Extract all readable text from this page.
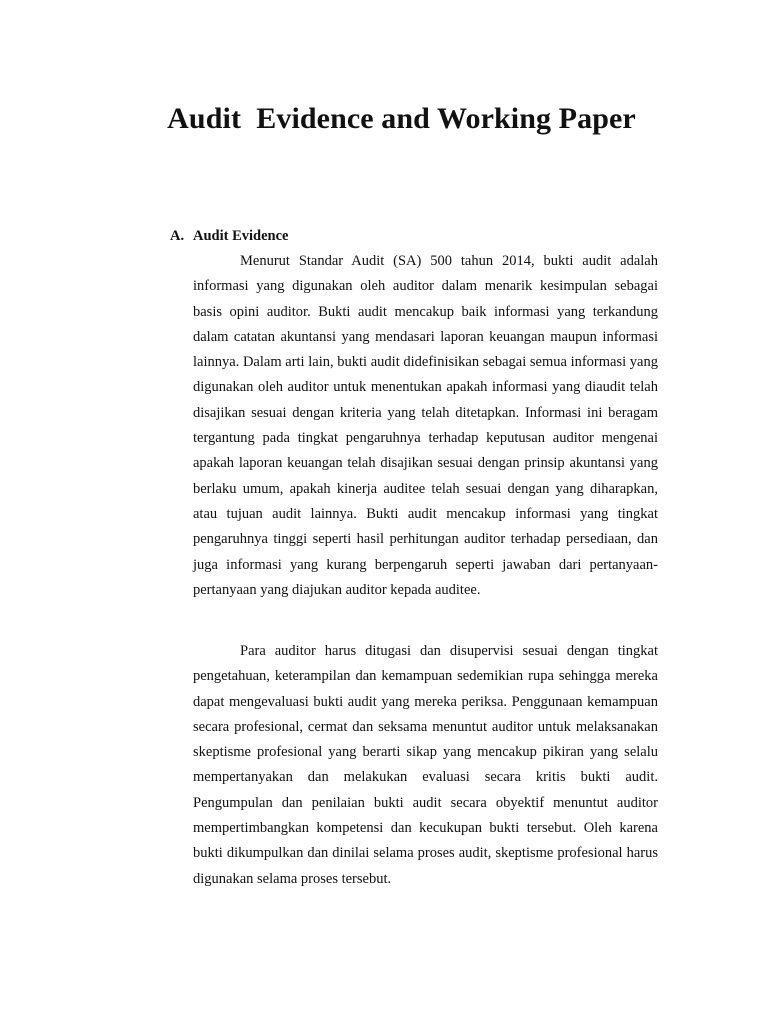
Audit  Evidence and Working Paper
A. Audit Evidence

Menurut Standar Audit (SA) 500 tahun 2014, bukti audit adalah informasi yang digunakan oleh auditor dalam menarik kesimpulan sebagai basis opini auditor. Bukti audit mencakup baik informasi yang terkandung dalam catatan akuntansi yang mendasari laporan keuangan maupun informasi lainnya. Dalam arti lain, bukti audit didefinisikan sebagai semua informasi yang digunakan oleh auditor untuk menentukan apakah informasi yang diaudit telah disajikan sesuai dengan kriteria yang telah ditetapkan. Informasi ini beragam tergantung pada tingkat pengaruhnya terhadap keputusan auditor mengenai apakah laporan keuangan telah disajikan sesuai dengan prinsip akuntansi yang berlaku umum, apakah kinerja auditee telah sesuai dengan yang diharapkan, atau tujuan audit lainnya. Bukti audit mencakup informasi yang tingkat pengaruhnya tinggi seperti hasil perhitungan auditor terhadap persediaan, dan juga informasi yang kurang berpengaruh seperti jawaban dari pertanyaan-pertanyaan yang diajukan auditor kepada auditee.

Para auditor harus ditugasi dan disupervisi sesuai dengan tingkat pengetahuan, keterampilan dan kemampuan sedemikian rupa sehingga mereka dapat mengevaluasi bukti audit yang mereka periksa. Penggunaan kemampuan secara profesional, cermat dan seksama menuntut auditor untuk melaksanakan skeptisme profesional yang berarti sikap yang mencakup pikiran yang selalu mempertanyakan dan melakukan evaluasi secara kritis bukti audit. Pengumpulan dan penilaian bukti audit secara obyektif menuntut auditor mempertimbangkan kompetensi dan kecukupan bukti tersebut. Oleh karena bukti dikumpulkan dan dinilai selama proses audit, skeptisme profesional harus digunakan selama proses tersebut.
